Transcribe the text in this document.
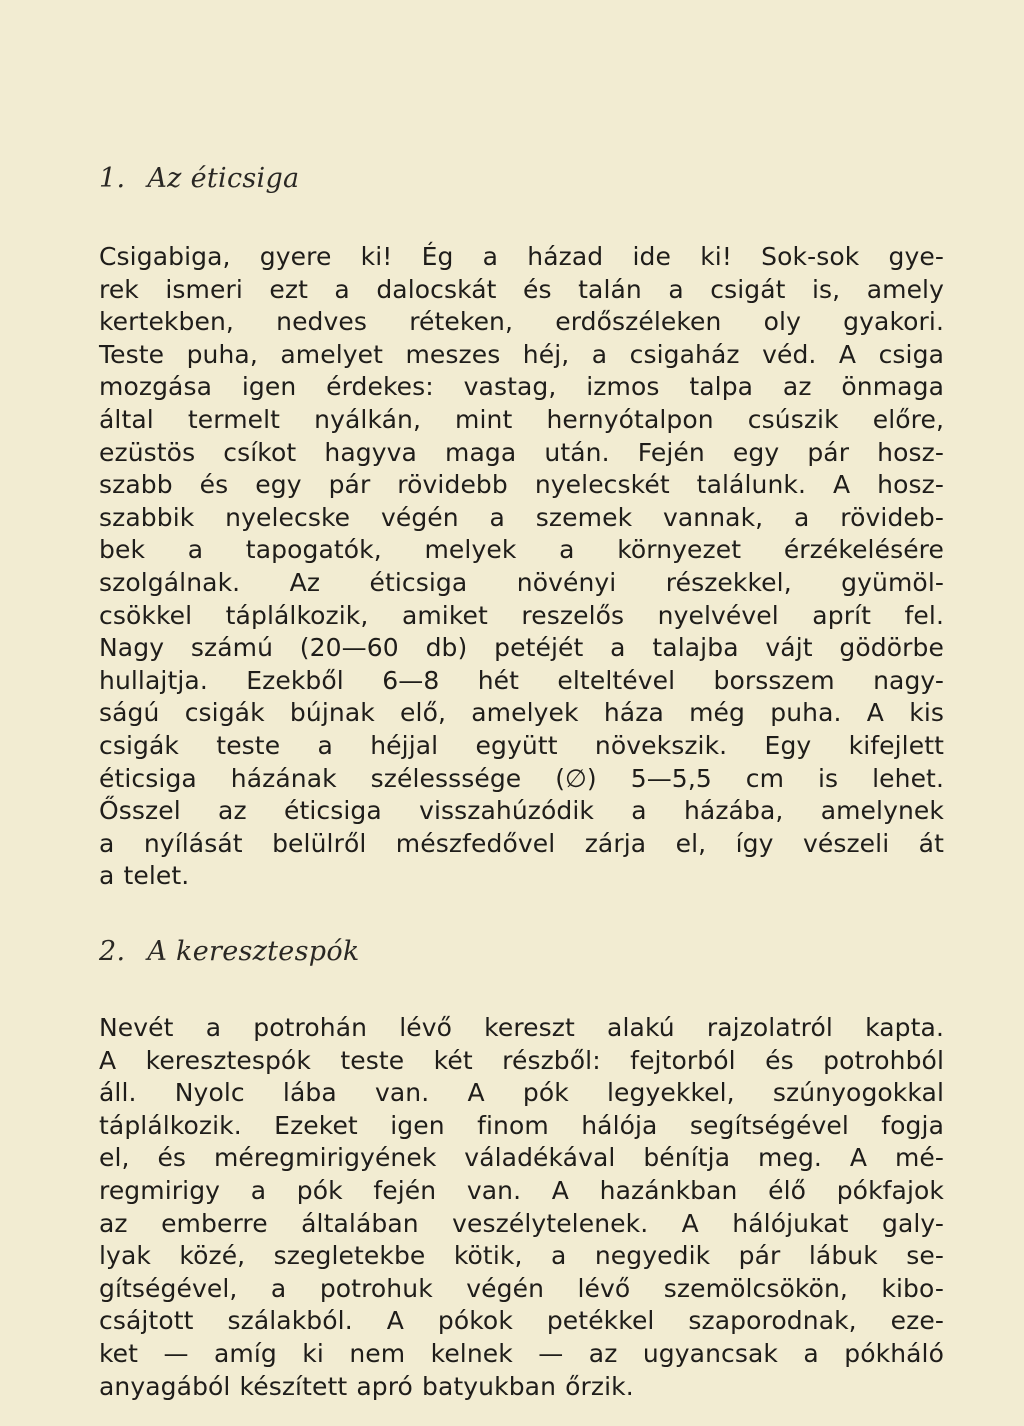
1. Az éticsiga
Csigabiga, gyere ki! Ég a házad ide ki! Sok-sok gye-
rek ismeri ezt a dalocskát és talán a csigát is, amely
kertekben, nedves réteken, erdőszéleken oly gyakori.
Teste puha, amelyet meszes héj, a csigaház véd. A csiga
mozgása igen érdekes: vastag, izmos talpa az önmaga
által termelt nyálkán, mint hernyótalpon csúszik előre,
ezüstös csíkot hagyva maga után. Fején egy pár hosz-
szabb és egy pár rövidebb nyelecskét találunk. A hosz-
szabbik nyelecske végén a szemek vannak, a rövideb-
bek a tapogatók, melyek a környezet érzékelésére
szolgálnak. Az éticsiga növényi részekkel, gyümöl-
csökkel táplálkozik, amiket reszelős nyelvével aprít fel.
Nagy számú (20—60 db) petéjét a talajba vájt gödörbe
hullajtja. Ezekből 6—8 hét elteltével borsszem nagy-
ságú csigák bújnak elő, amelyek háza még puha. A kis
csigák teste a héjjal együtt növekszik. Egy kifejlett
éticsiga házának szélesssége (∅) 5—5,5 cm is lehet.
Ősszel az éticsiga visszahúzódik a házába, amelynek
a nyílását belülről mészfedővel zárja el, így vészeli át
a telet.
2. A keresztespók
Nevét a potrohán lévő kereszt alakú rajzolatról kapta.
A keresztespók teste két részből: fejtorból és potrohból
áll. Nyolc lába van. A pók legyekkel, szúnyogokkal
táplálkozik. Ezeket igen finom hálója segítségével fogja
el, és méregmirigyének váladékával bénítja meg. A mé-
regmirigy a pók fején van. A hazánkban élő pókfajok
az emberre általában veszélytelenek. A hálójukat galy-
lyak közé, szegletekbe kötik, a negyedik pár lábuk se-
gítségével, a potrohuk végén lévő szemölcsökön, kibo-
csájtott szálakból. A pókok petékkel szaporodnak, eze-
ket — amíg ki nem kelnek — az ugyancsak a pókháló
anyagából készített apró batyukban őrzik.
